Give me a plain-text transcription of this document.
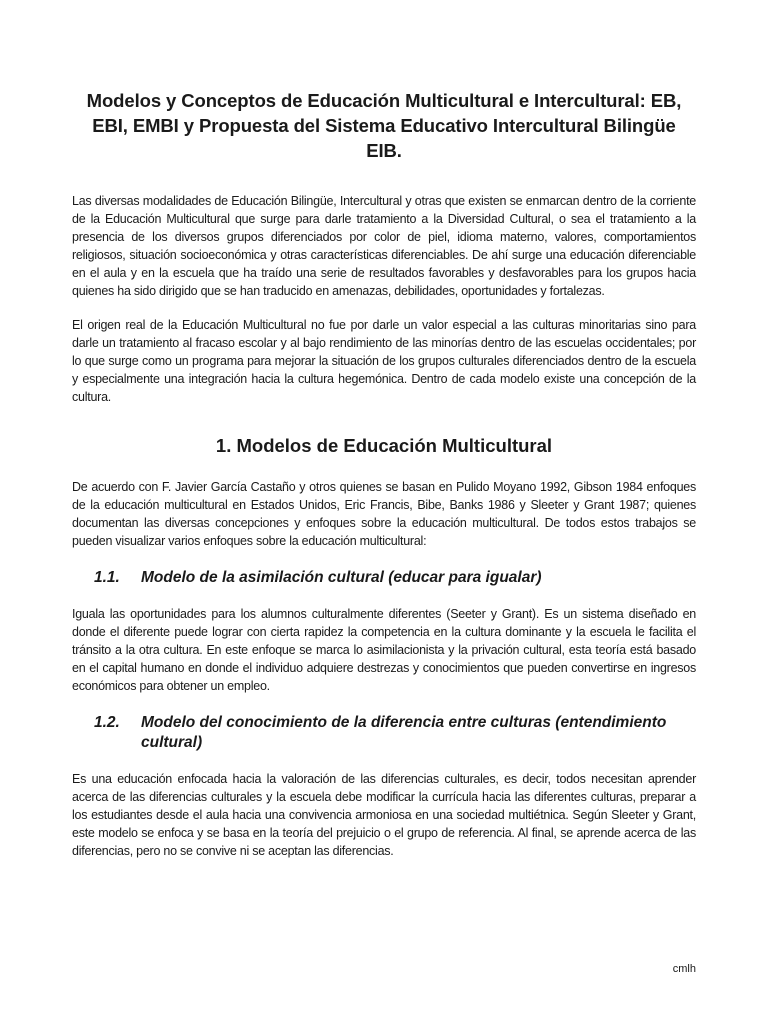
Modelos y Conceptos de Educación Multicultural e Intercultural: EB, EBI, EMBI y Propuesta del Sistema Educativo Intercultural Bilingüe EIB.

Las diversas modalidades de Educación Bilingüe, Intercultural y otras que existen se enmarcan dentro de la corriente de la Educación Multicultural que surge para darle tratamiento a la Diversidad Cultural, o sea el tratamiento a la presencia de los diversos grupos diferenciados por color de piel, idioma materno, valores, comportamientos religiosos, situación socioeconómica y otras características diferenciables. De ahí surge una educación diferenciable en el aula y en la escuela que ha traído una serie de resultados favorables y desfavorables para los grupos hacia quienes ha sido dirigido que se han traducido en amenazas, debilidades, oportunidades y fortalezas.

El origen real de la Educación Multicultural no fue por darle un valor especial a las culturas minoritarias sino para darle un tratamiento al fracaso escolar y al bajo rendimiento de las minorías dentro de las escuelas occidentales; por lo que surge como un programa para mejorar la situación de los grupos culturales diferenciados dentro de la escuela y especialmente una integración hacia la cultura hegemónica. Dentro de cada modelo existe una concepción de la cultura.

1. Modelos de Educación Multicultural

De acuerdo con F. Javier García Castaño y otros quienes se basan en Pulido Moyano 1992, Gibson 1984 enfoques de la educación multicultural en Estados Unidos, Eric Francis, Bibe, Banks 1986 y Sleeter y Grant 1987; quienes documentan las diversas concepciones y enfoques sobre la educación multicultural. De todos estos trabajos se pueden visualizar varios enfoques sobre la educación multicultural:

1.1.	Modelo de la asimilación cultural (educar para igualar)

Iguala las oportunidades para los alumnos culturalmente diferentes (Seeter y Grant). Es un sistema diseñado en donde el diferente puede lograr con cierta rapidez la competencia en la cultura dominante y la escuela le facilita el tránsito a la otra cultura. En este enfoque se marca lo asimilacionista y la privación cultural, esta teoría está basado en el capital humano en donde el individuo adquiere destrezas y conocimientos que pueden convertirse en ingresos económicos para obtener un empleo.

1.2.	Modelo del conocimiento de la diferencia entre culturas (entendimiento cultural)

Es una educación enfocada hacia la valoración de las diferencias culturales, es decir, todos necesitan aprender acerca de las diferencias culturales y la escuela debe modificar la currícula hacia las diferentes culturas, preparar a los estudiantes desde el aula hacia una convivencia armoniosa en una sociedad multiétnica. Según Sleeter y Grant, este modelo se enfoca y se basa en la teoría del prejuicio o el grupo de referencia. Al final, se aprende acerca de las diferencias, pero no se convive ni se aceptan las diferencias.

cmlh
